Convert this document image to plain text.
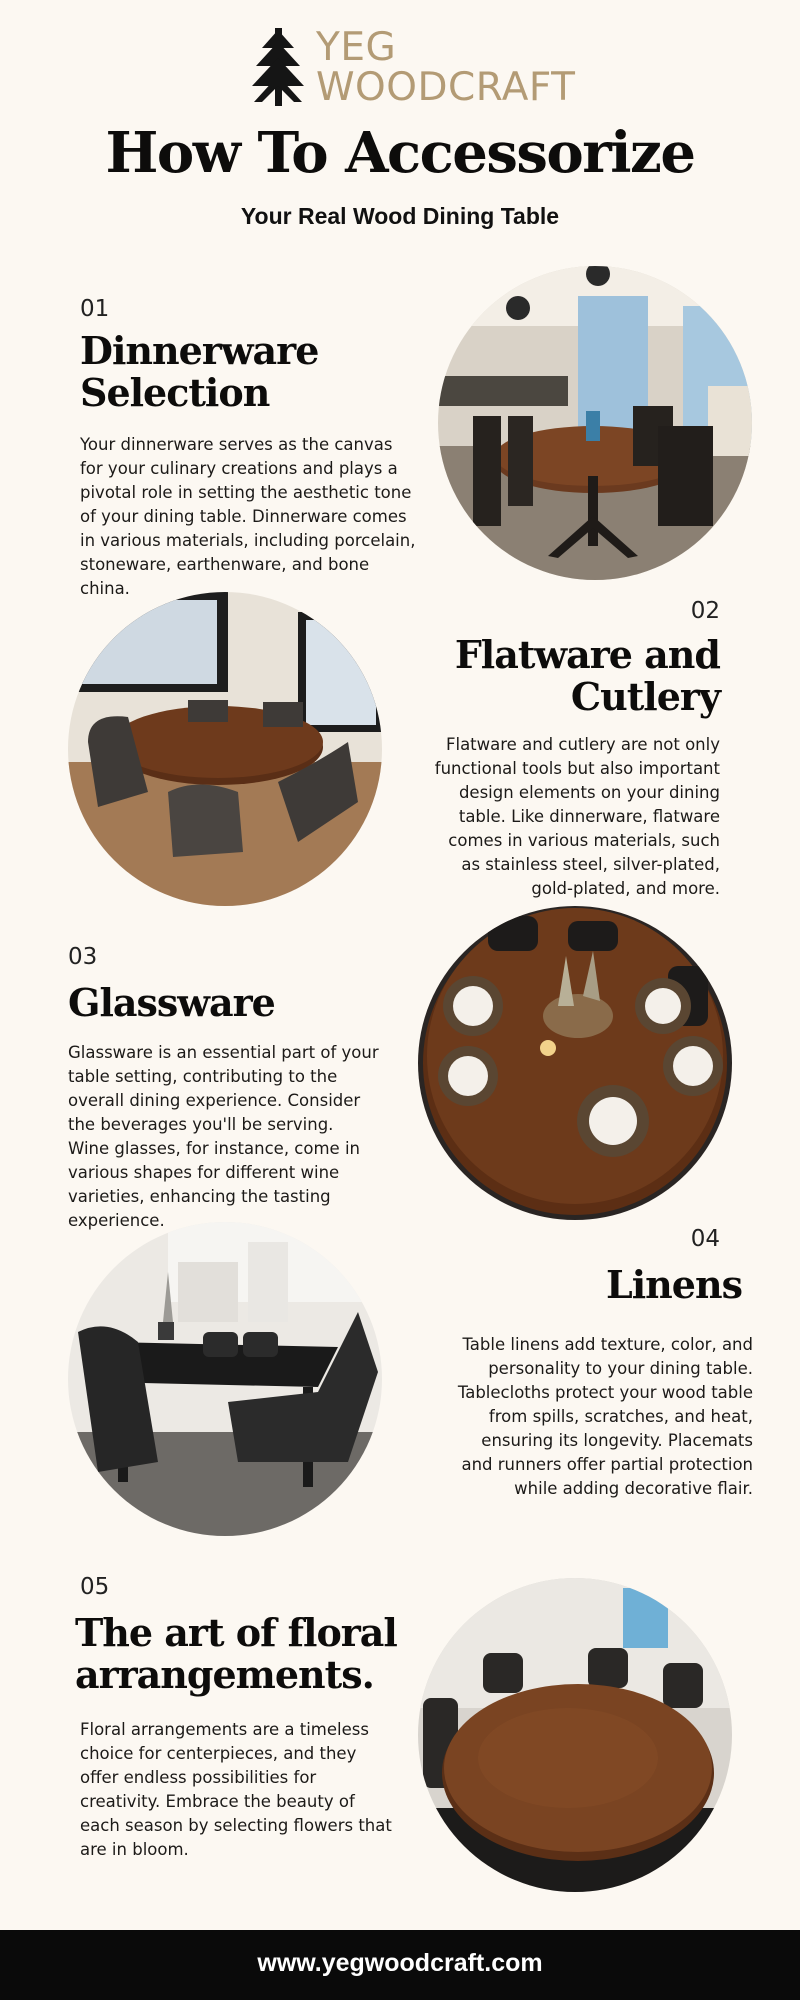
YEG
WOODCRAFT
How To Accessorize
Your Real Wood Dining Table
01
Dinnerware
Selection
Your dinnerware serves as the canvas
for your culinary creations and plays a
pivotal role in setting the aesthetic tone
of your dining table. Dinnerware comes
in various materials, including porcelain,
stoneware, earthenware, and bone
china.
02
Flatware and
Cutlery
Flatware and cutlery are not only
functional tools but also important
design elements on your dining
table. Like dinnerware, flatware
comes in various materials, such
as stainless steel, silver-plated,
gold-plated, and more.
03
Glassware
Glassware is an essential part of your
table setting, contributing to the
overall dining experience. Consider
the beverages you'll be serving.
Wine glasses, for instance, come in
various shapes for different wine
varieties, enhancing the tasting
experience.
04
Linens
Table linens add texture, color, and
personality to your dining table.
Tablecloths protect your wood table
from spills, scratches, and heat,
ensuring its longevity. Placemats
and runners offer partial protection
while adding decorative flair.
05
The art of floral
arrangements.
Floral arrangements are a timeless
choice for centerpieces, and they
offer endless possibilities for
creativity. Embrace the beauty of
each season by selecting flowers that
are in bloom.
www.yegwoodcraft.com
